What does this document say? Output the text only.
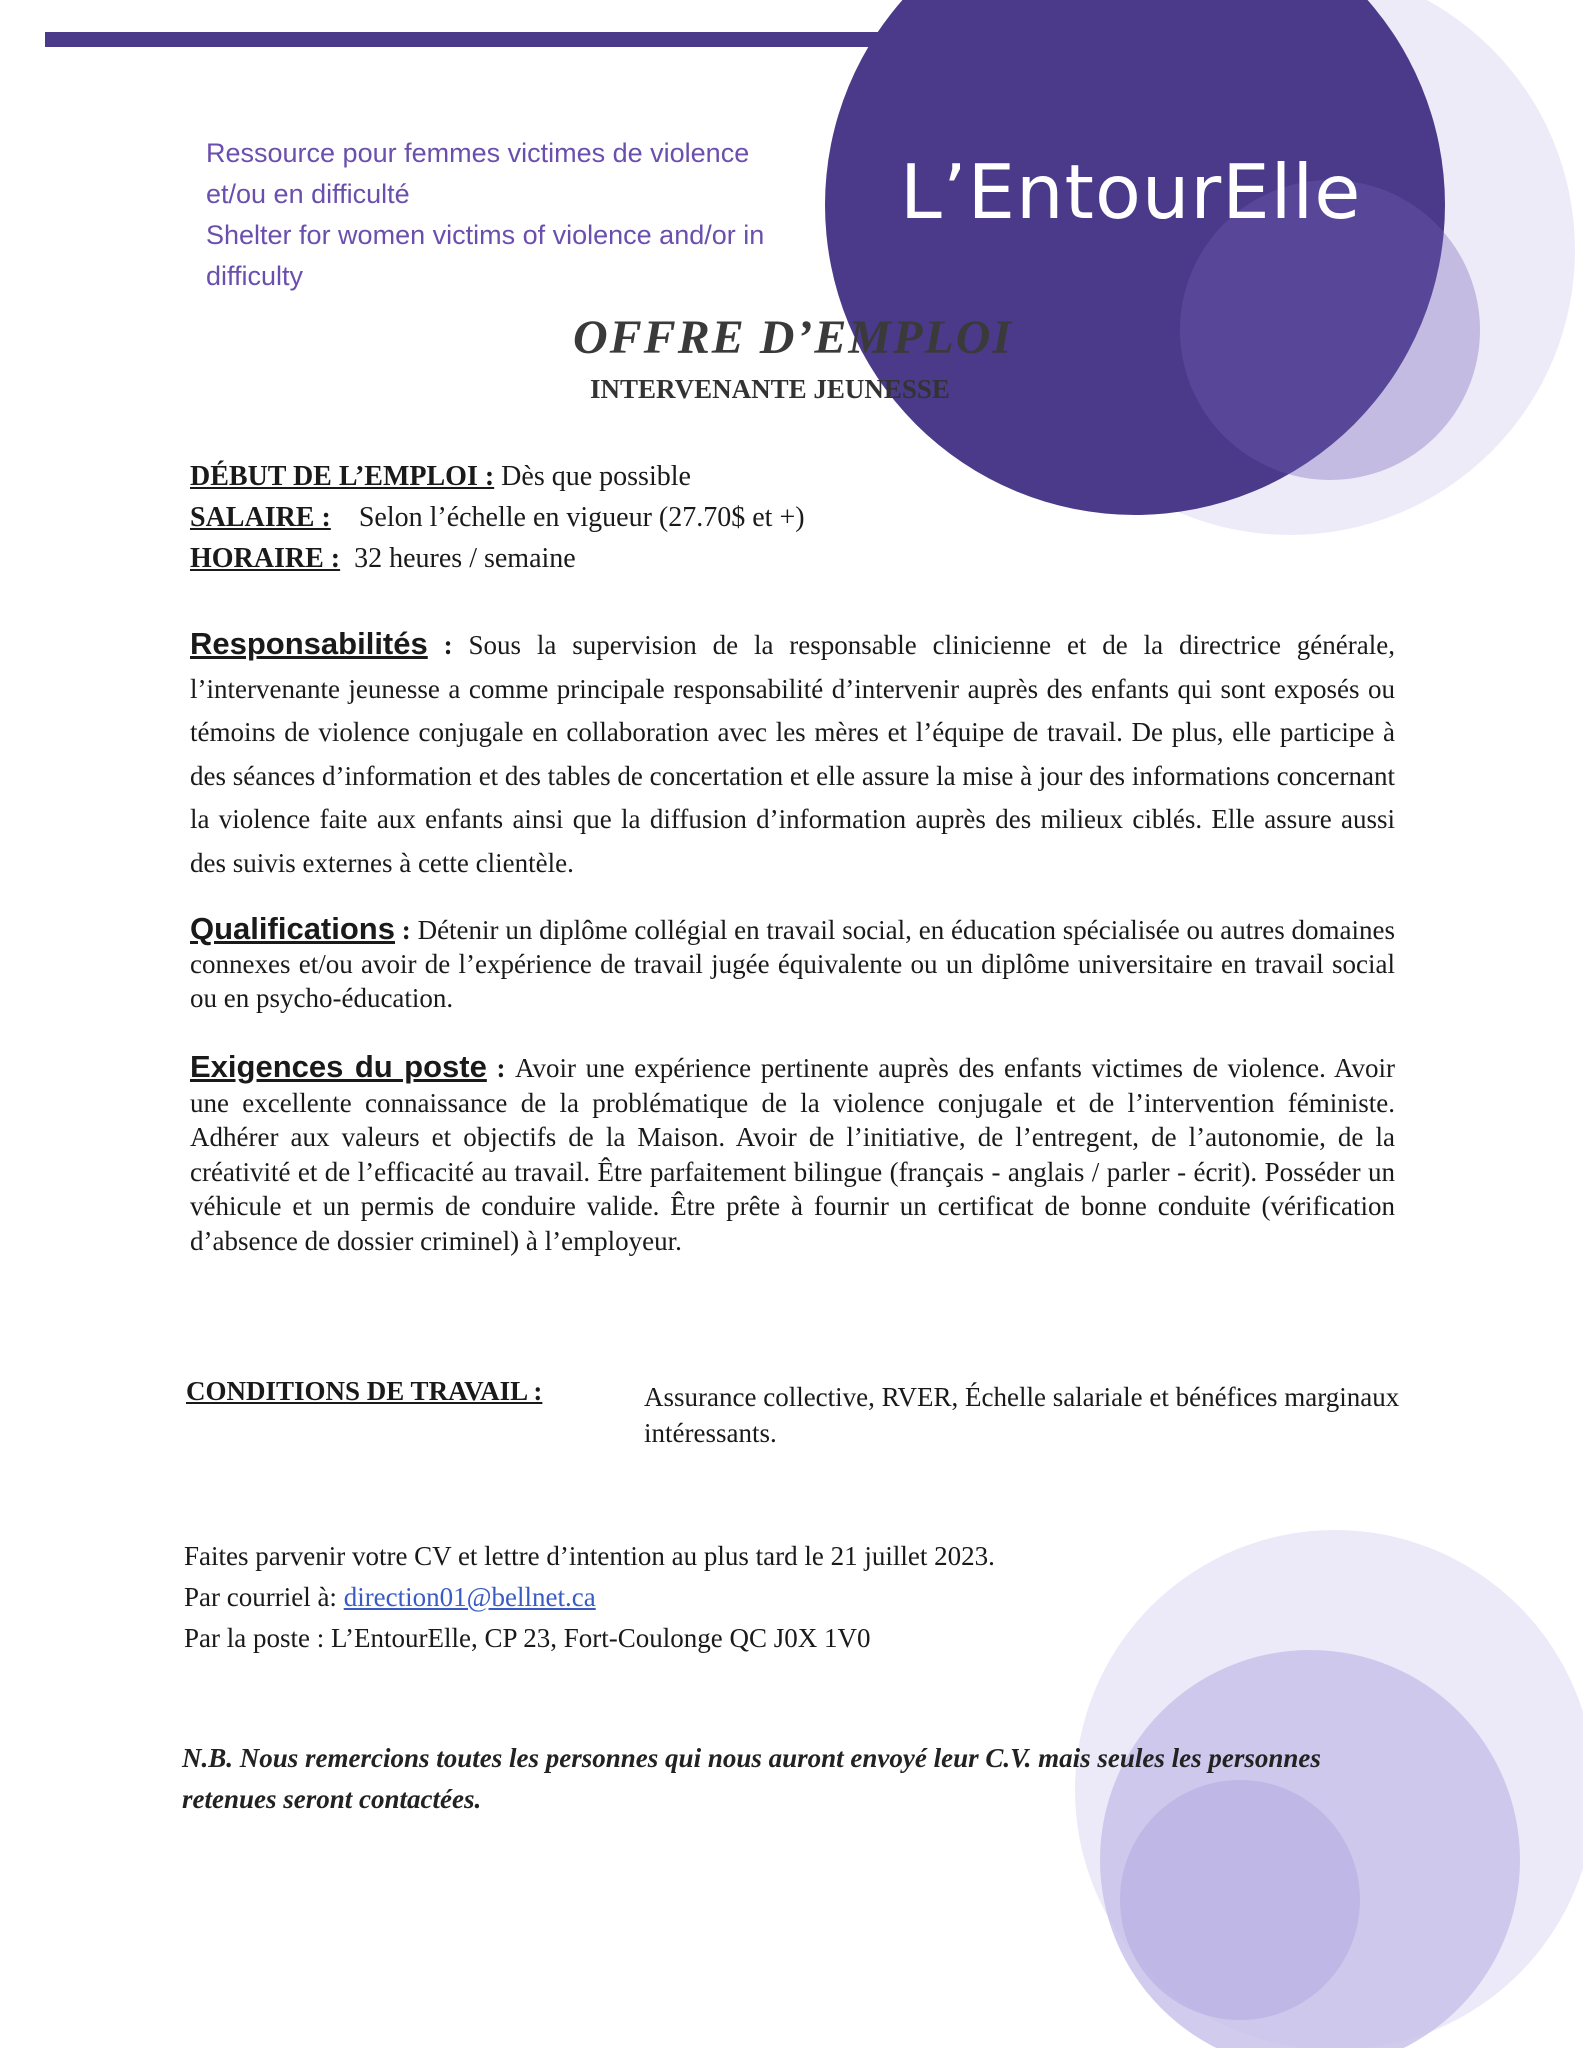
Ressource pour femmes victimes de violence
et/ou en difficulté
Shelter for women victims of violence and/or in
difficulty
L’EntourElle
OFFRE D’EMPLOI
INTERVENANTE JEUNESSE
DÉBUT DE L’EMPLOI : Dès que possible
SALAIRE : Selon l’échelle en vigueur (27.70$ et +)
HORAIRE : 32 heures / semaine
Responsabilités : Sous la supervision de la responsable clinicienne et de la directrice générale, l’intervenante jeunesse a comme principale responsabilité d’intervenir auprès des enfants qui sont exposés ou témoins de violence conjugale en collaboration avec les mères et l’équipe de travail. De plus, elle participe à des séances d’information et des tables de concertation et elle assure la mise à jour des informations concernant la violence faite aux enfants ainsi que la diffusion d’information auprès des milieux ciblés. Elle assure aussi des suivis externes à cette clientèle.
Qualifications : Détenir un diplôme collégial en travail social, en éducation spécialisée ou autres domaines connexes et/ou avoir de l’expérience de travail jugée équivalente ou un diplôme universitaire en travail social ou en psycho-éducation.
Exigences du poste : Avoir une expérience pertinente auprès des enfants victimes de violence. Avoir une excellente connaissance de la problématique de la violence conjugale et de l’intervention féministe. Adhérer aux valeurs et objectifs de la Maison. Avoir de l’initiative, de l’entregent, de l’autonomie, de la créativité et de l’efficacité au travail. Être parfaitement bilingue (français - anglais / parler - écrit). Posséder un véhicule et un permis de conduire valide. Être prête à fournir un certificat de bonne conduite (vérification d’absence de dossier criminel) à l’employeur.
CONDITIONS DE TRAVAIL :	Assurance collective, RVER, Échelle salariale et bénéfices marginaux intéressants.
Faites parvenir votre CV et lettre d’intention au plus tard le 21 juillet 2023.
Par courriel à: direction01@bellnet.ca
Par la poste : L’EntourElle, CP 23, Fort-Coulonge QC J0X 1V0
N.B. Nous remercions toutes les personnes qui nous auront envoyé leur C.V. mais seules les personnes retenues seront contactées.
